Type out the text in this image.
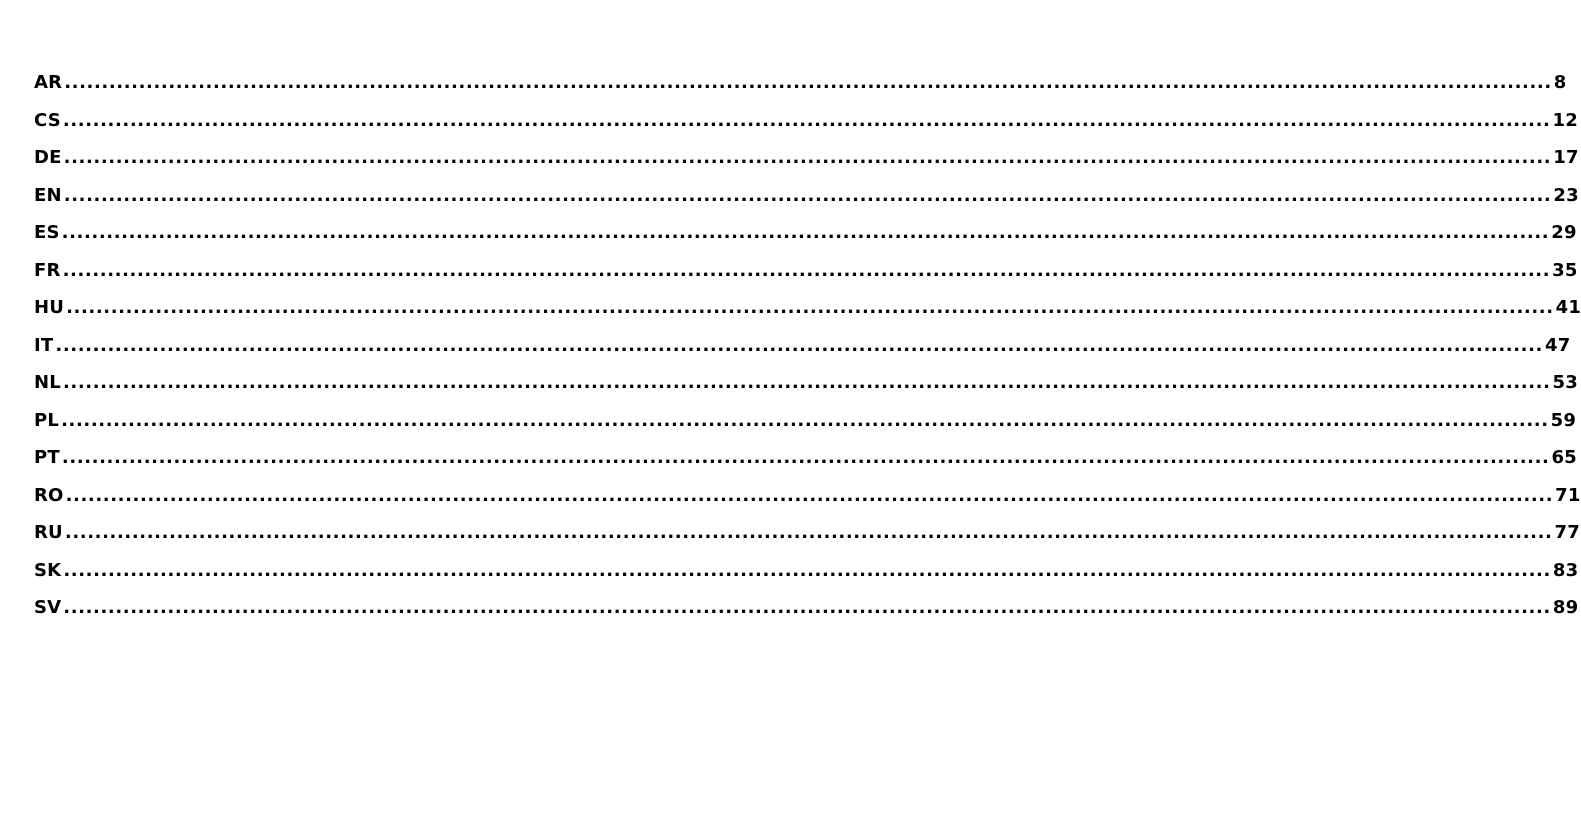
AR ........................................................................................................................................................................................................ 8
CS ........................................................................................................................................................................................................ 12
DE ........................................................................................................................................................................................................ 17
EN ........................................................................................................................................................................................................ 23
ES ........................................................................................................................................................................................................ 29
FR ........................................................................................................................................................................................................ 35
HU ........................................................................................................................................................................................................ 41
IT ........................................................................................................................................................................................................ 47
NL ........................................................................................................................................................................................................ 53
PL ........................................................................................................................................................................................................ 59
PT ........................................................................................................................................................................................................ 65
RO ........................................................................................................................................................................................................ 71
RU ........................................................................................................................................................................................................ 77
SK ........................................................................................................................................................................................................ 83
SV ........................................................................................................................................................................................................ 89
